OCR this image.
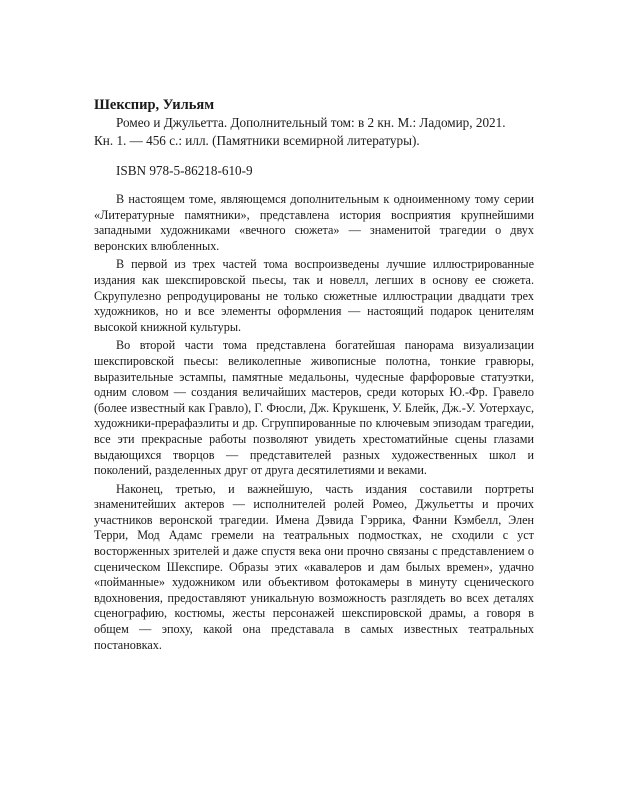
Шекспир, Уильям
Ромео и Джульетта. Дополнительный том: в 2 кн. М.: Ладомир, 2021.
Кн. 1. — 456 с.: илл. (Памятники всемирной литературы).
ISBN 978-5-86218-610-9

В настоящем томе, являющемся дополнительным к одноименному тому серии «Литературные памятники», представлена история восприятия крупнейшими западными художниками «вечного сюжета» — знаменитой трагедии о двух веронских влюбленных.

В первой из трех частей тома воспроизведены лучшие иллюстрированные издания как шекспировской пьесы, так и новелл, легших в основу ее сюжета. Скрупулезно репродуцированы не только сюжетные иллюстрации двадцати трех художников, но и все элементы оформления — настоящий подарок ценителям высокой книжной культуры.

Во второй части тома представлена богатейшая панорама визуализации шекспировской пьесы: великолепные живописные полотна, тонкие гравюры, выразительные эстампы, памятные медальоны, чудесные фарфоровые статуэтки, одним словом — создания величайших мастеров, среди которых Ю.-Фр. Гравело (более известный как Гравло), Г. Фюсли, Дж. Крукшенк, У. Блейк, Дж.-У. Уотерхаус, художники-прерафаэлиты и др. Сгруппированные по ключевым эпизодам трагедии, все эти прекрасные работы позволяют увидеть хрестоматийные сцены глазами выдающихся творцов — представителей разных художественных школ и поколений, разделенных друг от друга десятилетиями и веками.

Наконец, третью, и важнейшую, часть издания составили портреты знаменитейших актеров — исполнителей ролей Ромео, Джульетты и прочих участников веронской трагедии. Имена Дэвида Гэррика, Фанни Кэмбелл, Элен Терри, Мод Адамс гремели на театральных подмостках, не сходили с уст восторженных зрителей и даже спустя века они прочно связаны с представлением о сценическом Шекспире. Образы этих «кавалеров и дам былых времен», удачно «пойманные» художником или объективом фотокамеры в минуту сценического вдохновения, предоставляют уникальную возможность разглядеть во всех деталях сценографию, костюмы, жесты персонажей шекспировской драмы, а говоря в общем — эпоху, какой она представала в самых известных театральных постановках.
